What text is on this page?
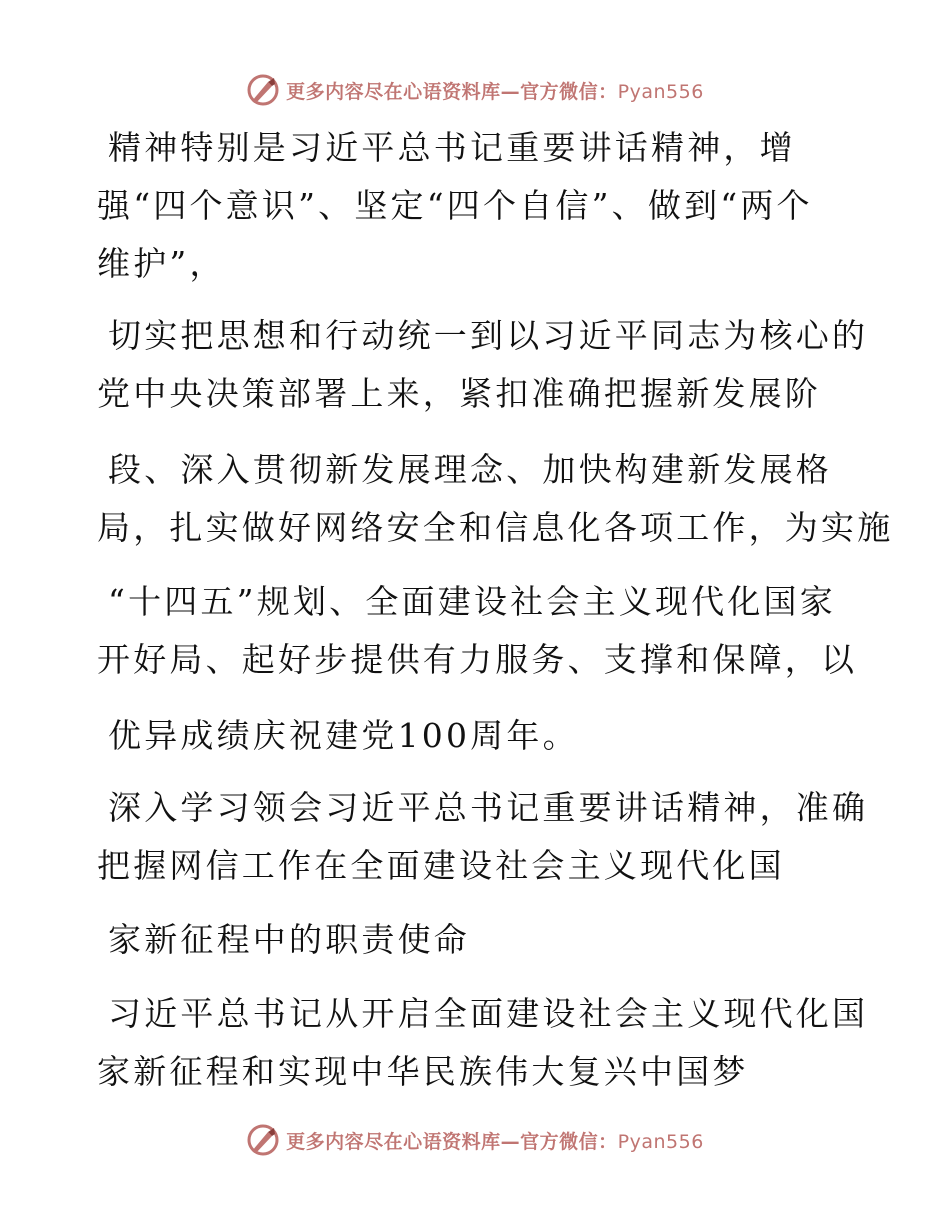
更多内容尽在心语资料库—官方微信：Pyan556
精神特别是习近平总书记重要讲话精神，增
强“四个意识”、坚定“四个自信”、做到“两个
维护”，
切实把思想和行动统一到以习近平同志为核心的
党中央决策部署上来，紧扣准确把握新发展阶
段、深入贯彻新发展理念、加快构建新发展格
局，扎实做好网络安全和信息化各项工作，为实施
“十四五”规划、全面建设社会主义现代化国家
开好局、起好步提供有力服务、支撑和保障，以
优异成绩庆祝建党100周年。
深入学习领会习近平总书记重要讲话精神，准确
把握网信工作在全面建设社会主义现代化国
家新征程中的职责使命
习近平总书记从开启全面建设社会主义现代化国
家新征程和实现中华民族伟大复兴中国梦
更多内容尽在心语资料库—官方微信：Pyan556
